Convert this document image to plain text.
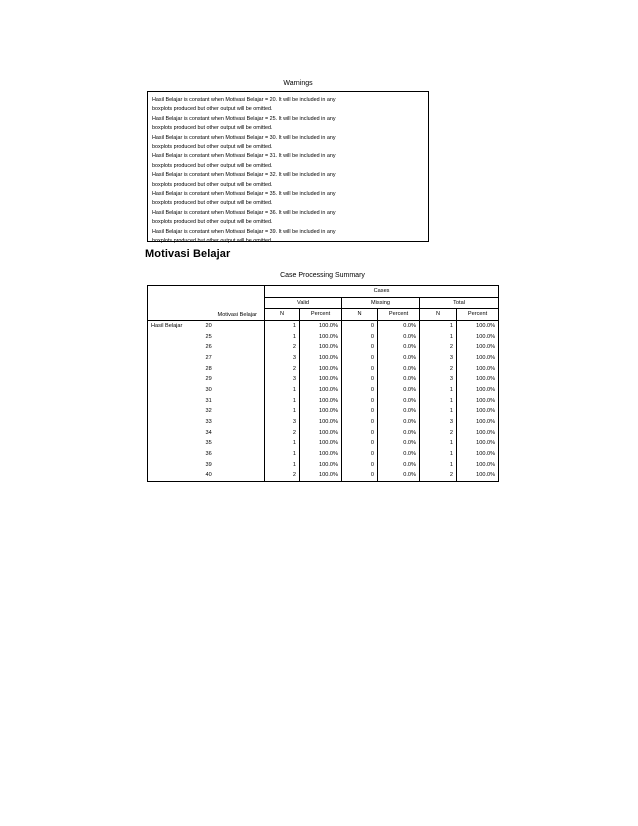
Warnings
Hasil Belajar is constant when Motivasi Belajar = 20. It will be included in any
boxplots produced but other output will be omitted.
Hasil Belajar is constant when Motivasi Belajar = 25. It will be included in any
boxplots produced but other output will be omitted.
Hasil Belajar is constant when Motivasi Belajar = 30. It will be included in any
boxplots produced but other output will be omitted.
Hasil Belajar is constant when Motivasi Belajar = 31. It will be included in any
boxplots produced but other output will be omitted.
Hasil Belajar is constant when Motivasi Belajar = 32. It will be included in any
boxplots produced but other output will be omitted.
Hasil Belajar is constant when Motivasi Belajar = 35. It will be included in any
boxplots produced but other output will be omitted.
Hasil Belajar is constant when Motivasi Belajar = 36. It will be included in any
boxplots produced but other output will be omitted.
Hasil Belajar is constant when Motivasi Belajar = 39. It will be included in any
boxplots produced but other output will be omitted.
Motivasi Belajar
Case Processing Summary
Motivasi Belajar		Cases					
		Valid		Missing		Total	
		N	Percent	N	Percent	N	Percent
Hasil Belajar	20	1	100.0%	0	0.0%	1	100.0%
	25	1	100.0%	0	0.0%	1	100.0%
	26	2	100.0%	0	0.0%	2	100.0%
	27	3	100.0%	0	0.0%	3	100.0%
	28	2	100.0%	0	0.0%	2	100.0%
	29	3	100.0%	0	0.0%	3	100.0%
	30	1	100.0%	0	0.0%	1	100.0%
	31	1	100.0%	0	0.0%	1	100.0%
	32	1	100.0%	0	0.0%	1	100.0%
	33	3	100.0%	0	0.0%	3	100.0%
	34	2	100.0%	0	0.0%	2	100.0%
	35	1	100.0%	0	0.0%	1	100.0%
	36	1	100.0%	0	0.0%	1	100.0%
	39	1	100.0%	0	0.0%	1	100.0%
	40	2	100.0%	0	0.0%	2	100.0%
